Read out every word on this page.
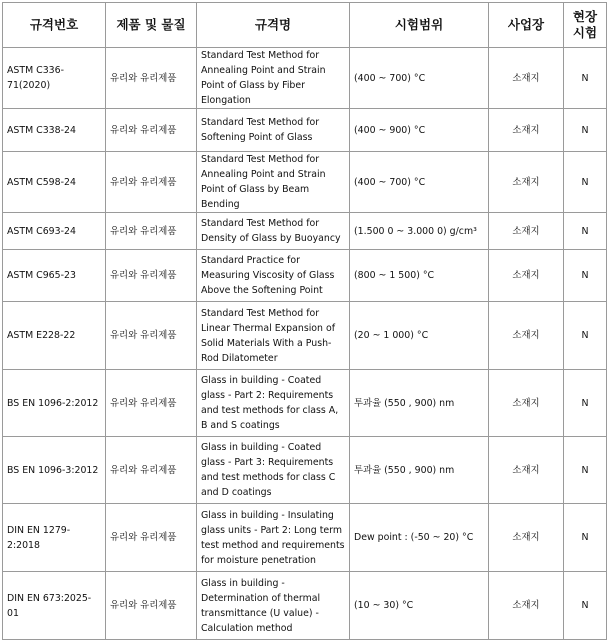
규격번호	제품 및 물질	규격명	시험범위	사업장	현장
시험
ASTM C336-71(2020)	유리와 유리제품	Standard Test Method for Annealing Point and Strain Point of Glass by Fiber Elongation	(400 ~ 700) °C	소재지	N
ASTM C338-24	유리와 유리제품	Standard Test Method for Softening Point of Glass	(400 ~ 900) °C	소재지	N
ASTM C598-24	유리와 유리제품	Standard Test Method for Annealing Point and Strain Point of Glass by Beam Bending	(400 ~ 700) °C	소재지	N
ASTM C693-24	유리와 유리제품	Standard Test Method for Density of Glass by Buoyancy	(1.500 0 ~ 3.000 0) g/cm³	소재지	N
ASTM C965-23	유리와 유리제품	Standard Practice for Measuring Viscosity of Glass Above the Softening Point	(800 ~ 1 500) °C	소재지	N
ASTM E228-22	유리와 유리제품	Standard Test Method for Linear Thermal Expansion of Solid Materials With a Push-Rod Dilatometer	(20 ~ 1 000) °C	소재지	N
BS EN 1096-2:2012	유리와 유리제품	Glass in building - Coated glass - Part 2: Requirements and test methods for class A, B and S coatings	투과율 (550 , 900) nm	소재지	N
BS EN 1096-3:2012	유리와 유리제품	Glass in building - Coated glass - Part 3: Requirements and test methods for class C and D coatings	투과율 (550 , 900) nm	소재지	N
DIN EN 1279-2:2018	유리와 유리제품	Glass in building - Insulating glass units - Part 2: Long term test method and requirements for moisture penetration	Dew point : (-50 ~ 20) °C	소재지	N
DIN EN 673:2025-01	유리와 유리제품	Glass in building - Determination of thermal transmittance (U value) - Calculation method	(10 ~ 30) °C	소재지	N
